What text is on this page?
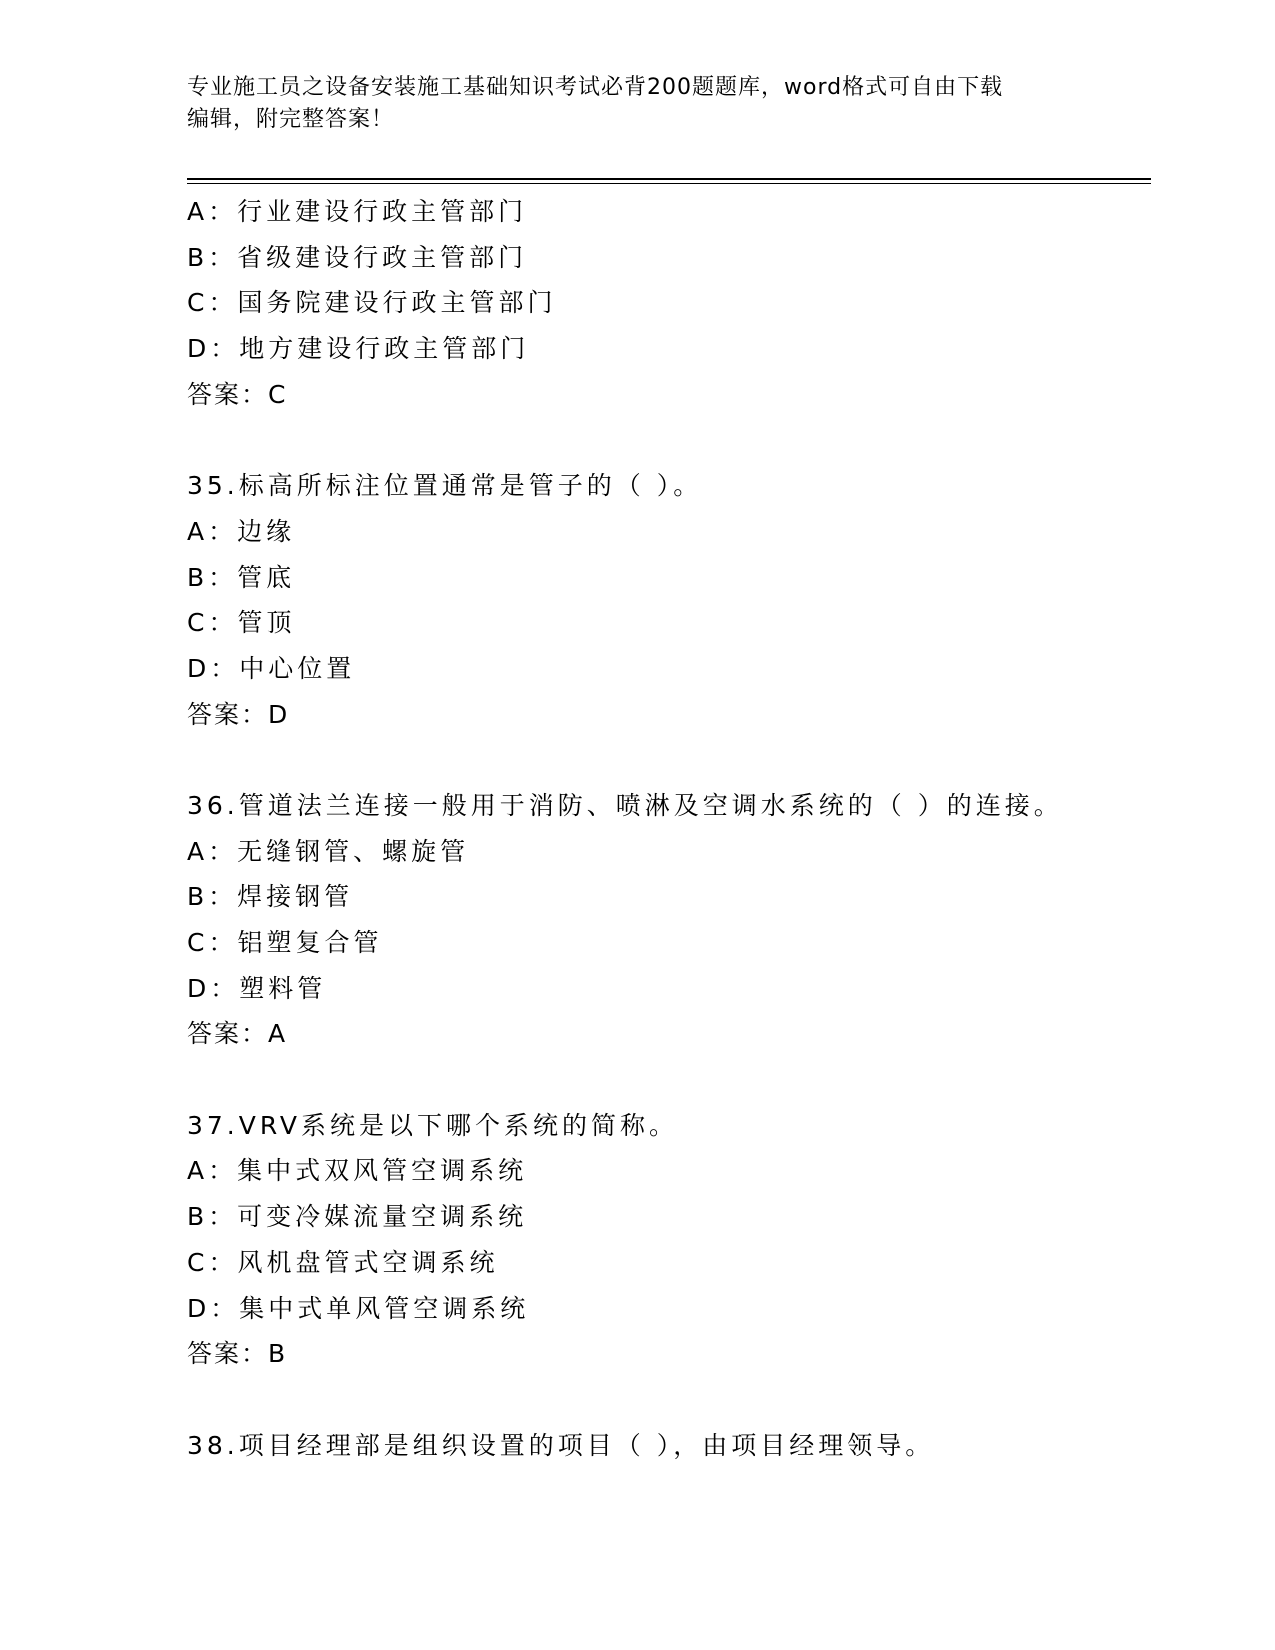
专业施工员之设备安装施工基础知识考试必背200题题库，word格式可自由下载
编辑，附完整答案！
A：行业建设行政主管部门
B：省级建设行政主管部门
C：国务院建设行政主管部门
D：地方建设行政主管部门
答案：C
35.标高所标注位置通常是管子的（ ）。
A：边缘
B：管底
C：管顶
D：中心位置
答案：D
36.管道法兰连接一般用于消防、喷淋及空调水系统的（ ）的连接。
A：无缝钢管、螺旋管
B：焊接钢管
C：铝塑复合管
D：塑料管
答案：A
37.VRV系统是以下哪个系统的简称。
A：集中式双风管空调系统
B：可变冷媒流量空调系统
C：风机盘管式空调系统
D：集中式单风管空调系统
答案：B
38.项目经理部是组织设置的项目（ ），由项目经理领导。
